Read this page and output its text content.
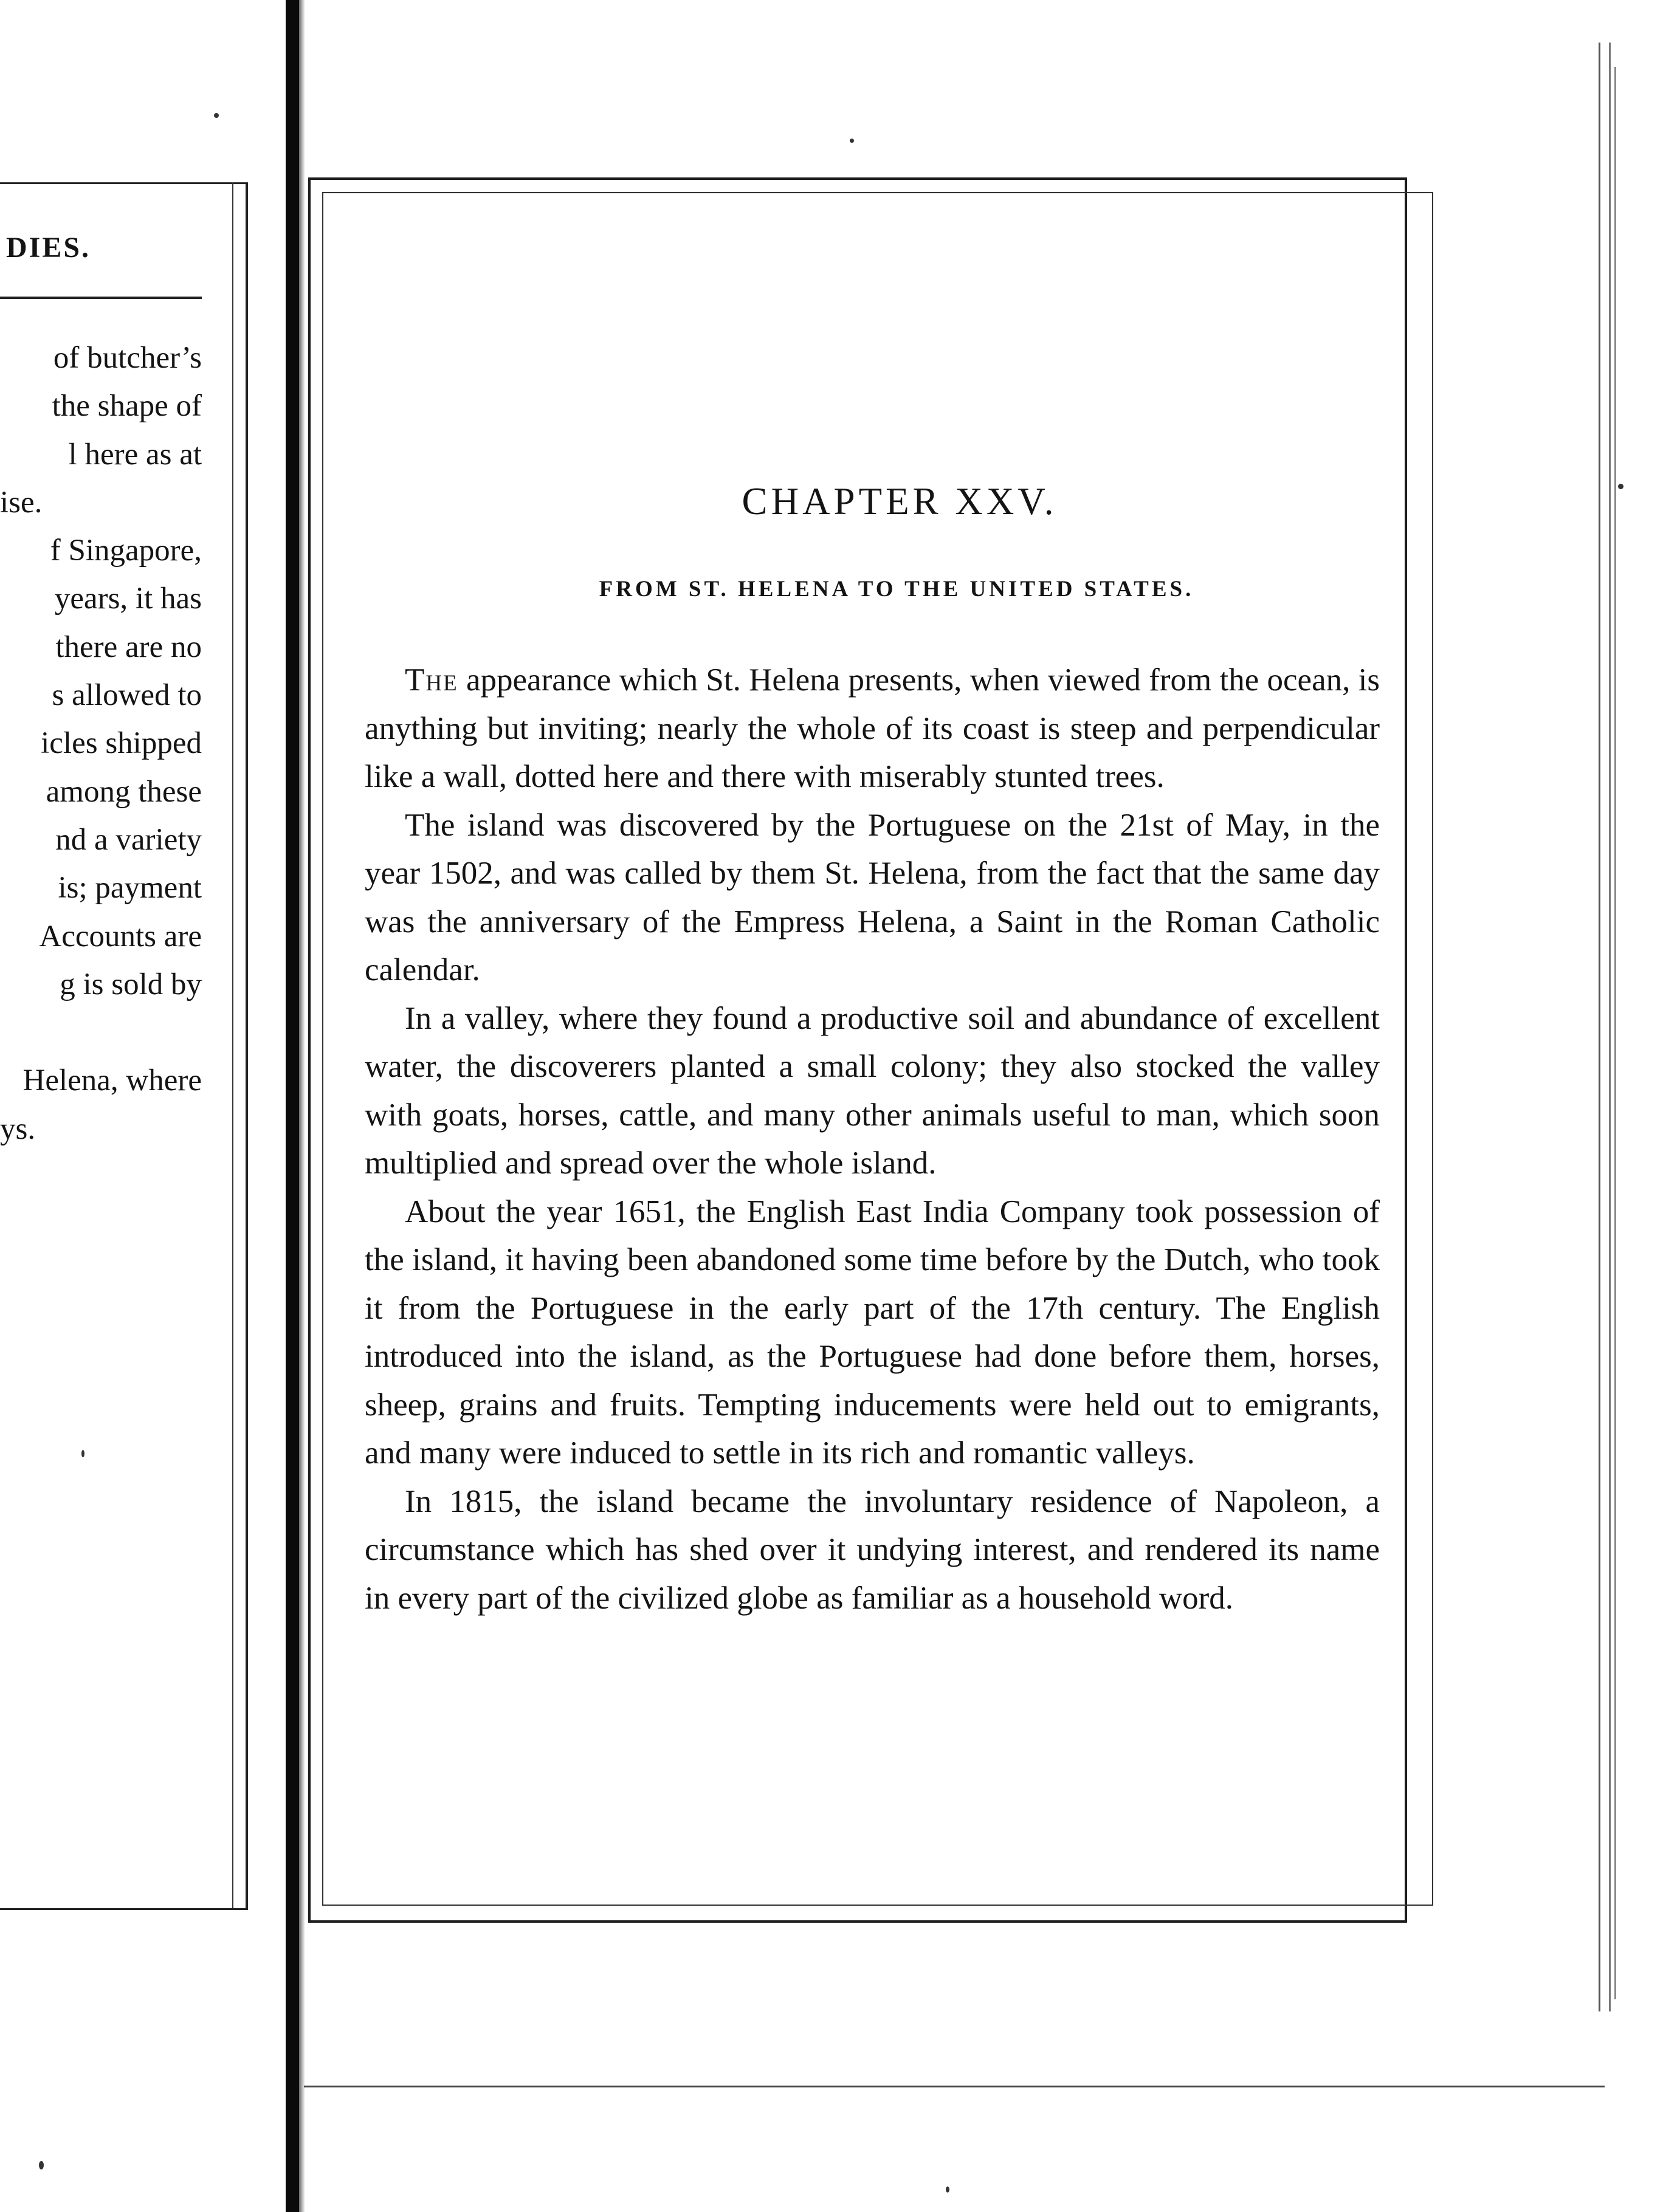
DIES.
of butcher’s
the shape of
l here as at
ise.
f Singapore,
years, it has
there are no
s allowed to
icles shipped
among these
nd a variety
is; payment
Accounts are
g is sold by
Helena, where
ys.
CHAPTER XXV.
FROM ST. HELENA TO THE UNITED STATES.

The appearance which St. Helena presents, when viewed from the ocean, is anything but inviting; nearly the whole of its coast is steep and perpendicular like a wall, dotted here and there with miserably stunted trees.

The island was discovered by the Portuguese on the 21st of May, in the year 1502, and was called by them St. Helena, from the fact that the same day was the anniversary of the Empress Helena, a Saint in the Roman Catholic calendar.

In a valley, where they found a productive soil and abundance of excellent water, the discoverers planted a small colony; they also stocked the valley with goats, horses, cattle, and many other animals useful to man, which soon multiplied and spread over the whole island.

About the year 1651, the English East India Company took possession of the island, it having been abandoned some time before by the Dutch, who took it from the Portuguese in the early part of the 17th century. The English introduced into the island, as the Portuguese had done before them, horses, sheep, grains and fruits. Tempting inducements were held out to emigrants, and many were induced to settle in its rich and romantic valleys.

In 1815, the island became the involuntary residence of Napoleon, a circumstance which has shed over it undying interest, and rendered its name in every part of the civilized globe as familiar as a household word.
